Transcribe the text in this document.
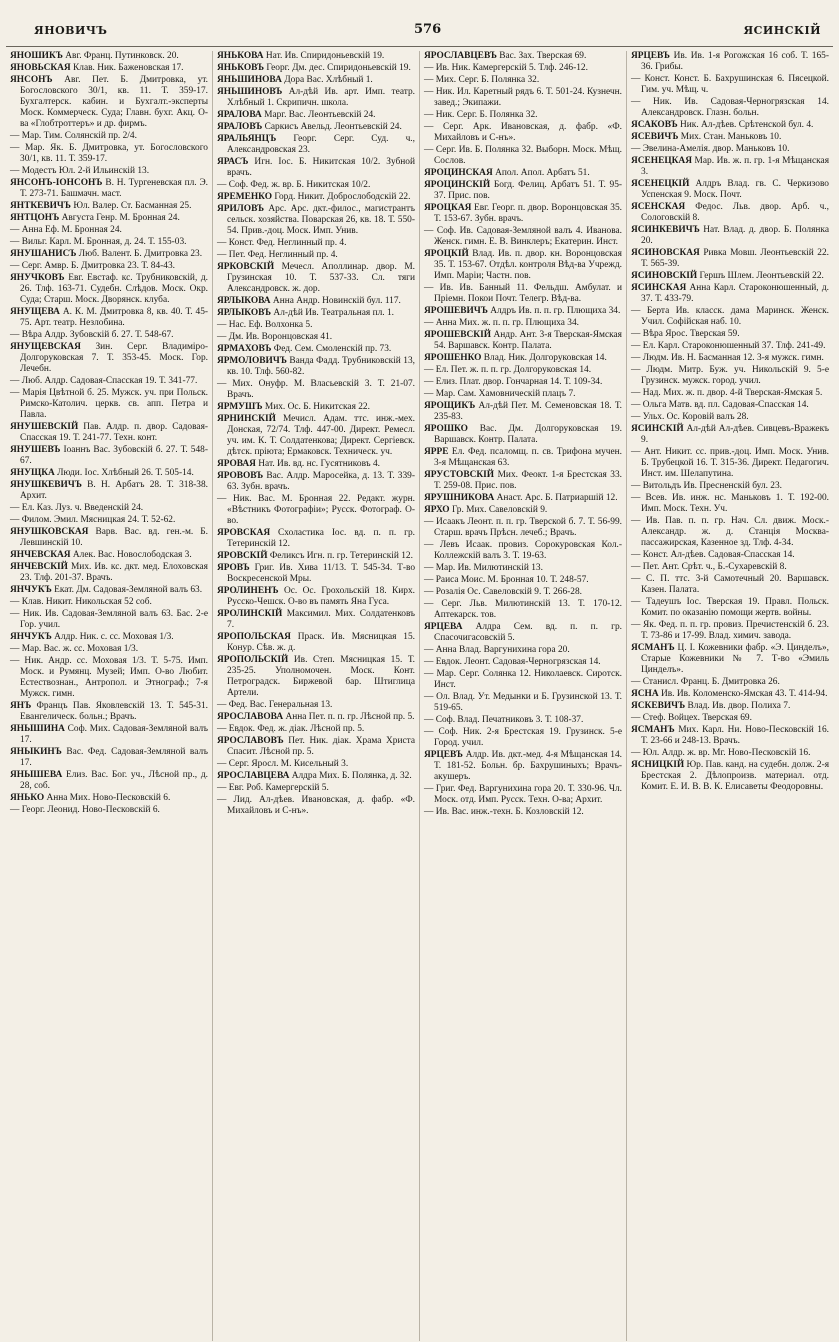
ЯНОВИЧЪ	576	ЯСИНСКIЙ
ЯНОШИКЪ Авг. Франц. Путинковск. 20.
ЯНОВЬСКАЯ Клав. Ник. Баженовская 17.
ЯНСОНЪ Авг. Пет. Б. Дмитровка, ут. Богословского 30/1, кв. 11. Т. 359-17. Бухгалтерск. кабин. и Бухгалт.-эксперты Моск. Коммерческ. Суда; Главн. бухг. Акц. О-ва «Глобтроттеръ» и др. фирмъ.
— Мар. Тим. Солянскiй пр. 2/4.
— Мар. Як. Б. Дмитровка, ут. Богословского 30/1, кв. 11. Т. 359-17.
— Модестъ Юл. 2-й Ильинскiй 13.
ЯНСОНЪ-IОНСОНЪ В. Н. Тургеневская пл. Э. Т. 273-71. Башмачн. маст.
ЯНТКЕВИЧЪ Юл. Валер. Ст. Басманная 25.
ЯНТЦОНЪ Августа Генр. М. Бронная 24.
— Анна Еф. М. Бронная 24.
— Вильг. Карл. М. Бронная, д. 24. Т. 155-03.
ЯНУШАНИСЪ Люб. Валент. Б. Дмитровка 23.
— Серг. Амвр. Б. Дмитровка 23. Т. 84-43.
ЯНУЧКОВЪ Евг. Евстаф. кс. Трубниковскiй, д. 26. Тлф. 163-71. Судебн. Слѣдов. Моск. Окр. Суда; Старш. Моск. Дворянск. клуба.
ЯНУЩЕВА А. К. М. Дмитровка 8, кв. 40. Т. 45-75. Арт. театр. Незлобина.
— Вѣра Алдр. Зубовскiй б. 27. Т. 548-67.
ЯНУЩЕВСКАЯ Зин. Серг. Владимiро-Долгоруковская 7. Т. 353-45. Моск. Гор. Лечебн.
— Люб. Алдр. Садовая-Спасская 19. Т. 341-77.
— Марiя Цвѣтной б. 25. Мужск. уч. при Польск. Римско-Католич. церкв. св. апп. Петра и Павла.
ЯНУШЕВСКIЙ Пав. Алдр. п. двор. Садовая-Спасская 19. Т. 241-77. Техн. конт.
ЯНУШЕВЪ Iоаннъ Вас. Зубовскiй б. 27. Т. 548-67.
ЯНУЩКА Люди. Iос. Хлѣбный 26. Т. 505-14.
ЯНУШКЕВИЧЪ В. Н. Арбатъ 28. Т. 318-38. Архит.
— Ел. Каз. Луз. ч. Введенскiй 24.
— Филом. Эмил. Мясницкая 24. Т. 52-62.
ЯНУШКОВСКАЯ Варв. Вас. вд. ген.-м. Б. Левшинскiй 10.
ЯНЧЕВСКАЯ Алек. Вас. Новослободская 3.
ЯНЧЕВСКIЙ Мих. Ив. кс. дкт. мед. Елоховская 23. Тлф. 201-37. Врачъ.
ЯНЧУКЪ Екат. Дм. Садовая-Земляной валъ 63.
— Клав. Никит. Никольская 52 соб.
— Ник. Ив. Садовая-Земляной валъ 63. Бас. 2-е Гор. учил.
ЯНЧУКЪ Алдр. Ник. с. сс. Моховая 1/3.
— Мар. Вас. ж. сс. Моховая 1/3.
— Ник. Андр. сс. Моховая 1/3. Т. 5-75. Имп. Моск. и Румянц. Музей; Имп. О-во Любит. Естествознан., Антропол. и Этнограф.; 7-я Мужск. гимн.
ЯНЪ Францъ Пав. Яковлевскiй 13. Т. 545-31. Евангелическ. больн.; Врачъ.
ЯНЫШИНА Соф. Мих. Садовая-Земляной валъ 17.
ЯНЫКИНЪ Вас. Фед. Садовая-Земляной валъ 17.
ЯНЫШЕВА Елиз. Вас. Бог. уч., Лѣсной пр., д. 28, соб.
ЯНЬКО Анна Мих. Ново-Песковскiй 6.
— Георг. Леонид. Ново-Песковскiй 6.
ЯНЬКОВА Нат. Ив. Спиридоньевскiй 19.
ЯНЬКОВЪ Георг. Дм. дес. Спиридоньевскiй 19.
ЯНЬШИНОВА Дора Вас. Хлѣбный 1.
ЯНЬШИНОВЪ Ал-дѣй Ив. арт. Имп. театр. Хлѣбный 1. Скрипичн. школа.
ЯРАЛОВА Марг. Вас. Леонтьевскiй 24.
ЯРАЛОВЪ Саркисъ Авельд. Леонтьевскiй 24.
ЯРАЛЬЯНЦЪ Георг. Серг. Суд. ч., Александровская 23.
ЯРАСЪ Игн. Iос. Б. Никитская 10/2. Зубной врачъ.
— Соф. Фед. ж. вр. Б. Никитская 10/2.
ЯРЕМЕНКО Горд. Никит. Доброслободскiй 22.
ЯРИЛОВЪ Арс. Арс. дкт.-филос., магистрантъ сельск. хозяйства. Поварская 26, кв. 18. Т. 550-54. Прив.-доц. Моск. Имп. Унив.
— Конст. Фед. Неглинный пр. 4.
— Пет. Фед. Неглинный пр. 4.
ЯРКОВСКIЙ Мечесл. Аполлинар. двор. М. Грузинская 10. Т. 537-33. Сл. тяги Александровск. ж. дор.
ЯРЛЫКОВА Анна Андр. Новинскiй бул. 117.
ЯРЛЫКОВЪ Ал-дѣй Ив. Театральная пл. 1.
— Нас. Еф. Волхонка 5.
— Дм. Ив. Воронцовская 41.
ЯРМАХОВЪ Фед. Сем. Смоленскiй пр. 73.
ЯРМОЛОВИЧЪ Ванда Фадд. Трубниковскiй 13, кв. 10. Тлф. 560-82.
— Мих. Онуфр. М. Власьевскiй 3. Т. 21-07. Врачъ.
ЯРМУШЪ Мих. Ос. Б. Никитская 22.
ЯРНИНСКIЙ Мечисл. Адам. ттс. инж.-мех. Донская, 72/74. Тлф. 447-00. Директ. Ремесл. уч. им. К. Т. Солдатенкова; Директ. Сергiевск. дѣтск. прiюта; Ермаковск. Техническ. уч.
ЯРОВАЯ Нат. Ив. вд. нс. Гусятниковъ 4.
ЯРОВОВЪ Вас. Алдр. Маросейка, д. 13. Т. 339-63. Зубн. врачъ.
— Ник. Вас. М. Бронная 22. Редакт. журн. «Вѣстникъ Фотографiи»; Русск. Фотограф. О-во.
ЯРОВСКАЯ Схоластика Iос. вд. п. п. гр. Тетеринскiй 12.
ЯРОВСКIЙ Феликсъ Игн. п. гр. Тетеринскiй 12.
ЯРОВЪ Григ. Ив. Хива 11/13. Т. 545-34. Т-во Воскресенской Мры.
ЯРОЛИНЕНЪ Ос. Ос. Грохольскiй 18. Кирх. Русско-Чешск. О-во въ память Яна Гуса.
ЯРОЛИНСКIЙ Максимил. Мих. Солдатенковъ 7.
ЯРОПОЛЬСКАЯ Праск. Ив. Мясницкая 15. Конур. Сѣв. ж. д.
ЯРОПОЛЬСКIЙ Ив. Степ. Мясницкая 15. Т. 235-25. Уполномочен. Моск. Конт. Петроградск. Биржевой бар. Штиглица Артели.
— Фед. Вас. Генеральная 13.
ЯРОСЛАВОВА Анна Пет. п. п. гр. Лѣсной пр. 5.
— Евдок. Фед. ж. дiак. Лѣсной пр. 5.
ЯРОСЛАВОВЪ Пет. Ник. дiак. Храма Христа Спасит. Лѣсной пр. 5.
— Серг. Яросл. М. Кисельный 3.
ЯРОСЛАВЦЕВА Алдра Мих. Б. Полянка, д. 32.
— Евг. Роб. Камергерскiй 5.
— Лид. Ал-дѣев. Ивановская, д. фабр. «Ф. Михайловъ и С-нъ».
ЯРОСЛАВЦЕВЪ Вас. Зах. Тверская 69.
— Ив. Ник. Камергерскiй 5. Тлф. 246-12.
— Мих. Серг. Б. Полянка 32.
— Ник. Ил. Каретный рядъ 6. Т. 501-24. Кузнечн. завед.; Экипажи.
— Ник. Серг. Б. Полянка 32.
— Серг. Арк. Ивановская, д. фабр. «Ф. Михайловъ и С-нъ».
— Серг. Ив. Б. Полянка 32. Выборн. Моск. Мѣщ. Сослов.
ЯРОЦИНСКАЯ Апол. Апол. Арбатъ 51.
ЯРОЦИНСКIЙ Богд. Фелиц. Арбатъ 51. Т. 95-37. Прис. пов.
ЯРОЦКАЯ Евг. Георг. п. двор. Воронцовская 35. Т. 153-67. Зубн. врачъ.
— Соф. Ив. Садовая-Земляной валъ 4. Иванова. Женск. гимн. Е. В. Винклеръ; Екатерин. Инст.
ЯРОЦКIЙ Влад. Ив. п. двор. кн. Воронцовская 35. Т. 153-67. Отдѣл. контроля Вѣд-ва Учрежд. Имп. Марiи; Частн. пов.
— Ив. Ив. Банный 11. Фельдш. Амбулат. и Прiемн. Покои Почт. Телегр. Вѣд-ва.
ЯРОШЕВИЧЪ Алдръ Ив. п. п. гр. Плющиха 34.
— Анна Мих. ж. п. п. гр. Плющиха 34.
ЯРОШЕВСКIЙ Андр. Ант. 3-я Тверская-Ямская 54. Варшавск. Контр. Палата.
ЯРОШЕНКО Влад. Ник. Долгоруковская 14.
— Ел. Пет. ж. п. п. гр. Долгоруковская 14.
— Елиз. Плат. двор. Гончарная 14. Т. 109-34.
— Мар. Сам. Хамовническiй плацъ 7.
ЯРОЩИКЪ Ал-дѣй Пет. М. Семеновская 18. Т. 235-83.
ЯРОШКО Вас. Дм. Долгоруковская 19. Варшавск. Контр. Палата.
ЯРРЕ Ел. Фед. псаломщ. п. св. Трифона мучен. 3-я Мѣщанская 63.
ЯРУСТОВСКIЙ Мих. Феокт. 1-я Брестская 33. Т. 259-08. Прис. пов.
ЯРУШНИКОВА Анаст. Арс. Б. Патриаршiй 12.
ЯРХО Гр. Мих. Савеловскiй 9.
— Исаакъ Леонт. п. п. гр. Тверской б. 7. Т. 56-99. Старш. врачъ Прѣсн. лечеб.; Врачъ.
— Левъ Исаак. провиз. Сорокуровская Кол.-Коллежскiй валъ 3. Т. 19-63.
— Мар. Ив. Милютинскiй 13.
— Раиса Моис. М. Бронная 10. Т. 248-57.
— Розалiя Ос. Савеловскiй 9. Т. 266-28.
— Серг. Льв. Милютинскiй 13. Т. 170-12. Аптекарск. тов.
ЯРЦЕВА Алдра Сем. вд. п. п. гр. Спасочигасовскiй 5.
— Анна Влад. Варгунихина гора 20.
— Евдок. Леонт. Садовая-Черногрязская 14.
— Мар. Серг. Солянка 12. Николаевск. Сиротск. Инст.
— Ол. Влад. Ут. Медынки и Б. Грузинской 13. Т. 519-65.
— Соф. Влад. Печатниковъ 3. Т. 108-37.
— Соф. Ник. 2-я Брестская 19. Грузинск. 5-е Город. учил.
ЯРЦЕВЪ Алдр. Ив. дкт.-мед. 4-я Мѣщанская 14. Т. 181-52. Больн. бр. Бахрушиныхъ; Врачъ-акушеръ.
— Григ. Фед. Варгунихина гора 20. Т. 330-96. Чл. Моск. отд. Имп. Русск. Техн. О-ва; Архит.
— Ив. Вас. инж.-техн. Б. Козловскiй 12.
ЯРЦЕВЪ Ив. Ив. 1-я Рогожская 16 соб. Т. 165-36. Грибы.
— Конст. Конст. Б. Бахрушинская 6. Пясецкой. Гим. уч. Мѣщ. ч.
— Ник. Ив. Садовая-Черногрязская 14. Александровск. Глазн. больн.
ЯСАКОВЪ Ник. Ал-дѣев. Срѣтенской бул. 4.
ЯСЕВИЧЪ Мих. Стан. Маньковъ 10.
— Эвелина-Амелiя. двор. Маньковъ 10.
ЯСЕНЕЦКАЯ Мар. Ив. ж. п. гр. 1-я Мѣщанская 3.
ЯСЕНЕЦКIЙ Алдръ Влад. гв. С. Черкизово Успенская 9. Моск. Почт.
ЯСЕНСКАЯ Федос. Льв. двор. Арб. ч., Сологовскiй 8.
ЯСИНКЕВИЧЪ Нат. Влад. д. двор. Б. Полянка 20.
ЯСИНОВСКАЯ Ривка Мовш. Леонтьевскiй 22. Т. 565-39.
ЯСИНОВСКIЙ Гершъ Шлем. Леонтьевскiй 22.
ЯСИНСКАЯ Анна Карл. Староконюшенный, д. 37. Т. 433-79.
— Берта Ив. класск. дама Маринск. Женск. Учил. Софiйская наб. 10.
— Вѣра Ярос. Тверская 59.
— Ел. Карл. Староконюшенный 37. Тлф. 241-49.
— Людм. Ив. Н. Басманная 12. 3-я мужск. гимн.
— Людм. Митр. Буж. уч. Никольскiй 9. 5-е Грузинск. мужск. город. учил.
— Над. Мих. ж. п. двор. 4-й Тверская-Ямская 5.
— Ольга Матв. вд. пл. Садовая-Спасская 14.
— Ульх. Ос. Коровiй валъ 28.
ЯСИНСКIЙ Ал-дѣй Ал-дѣев. Сивцевъ-Вражекъ 9.
— Ант. Никит. сс. прив.-доц. Имп. Моск. Унив. Б. Трубецкой 16. Т. 315-36. Директ. Педагогич. Инст. им. Шелапутина.
— Витольдъ Ив. Пресненскiй бул. 23.
— Всев. Ив. инж. нс. Маньковъ 1. Т. 192-00. Имп. Моск. Техн. Уч.
— Ив. Пав. п. п. гр. Нач. Сл. движ. Моск.-Александр. ж. д. Станцiя Москва-пассажирская, Казенное зд. Тлф. 4-34.
— Конст. Ал-дѣев. Садовая-Спасская 14.
— Пет. Ант. Срѣт. ч., Б.-Сухаревскiй 8.
— С. П. ттс. 3-й Самотечный 20. Варшавск. Казен. Палата.
— Тадеушъ Iос. Тверская 19. Правл. Польск. Комит. по оказанiю помощи жертв. войны.
— Як. Фед. п. п. гр. провиз. Пречистенскiй б. 23. Т. 73-86 и 17-99. Влад. химич. завода.
ЯСМАНЪ Ц. I. Кожевники фабр. «Э. Цинделъ», Старые Кожевники № 7. Т-во «Эмиль Цинделъ».
— Станисл. Франц. Б. Дмитровка 26.
ЯСНА Ив. Ив. Коломенско-Ямская 43. Т. 414-94.
ЯСКЕВИЧЪ Влад. Ив. двор. Полиха 7.
— Стеф. Войцех. Тверская 69.
ЯСМАНЪ Мих. Карл. Ни. Ново-Песковскiй 16. Т. 23-66 и 248-13. Врачъ.
— Юл. Алдр. ж. вр. Мг. Ново-Песковскiй 16.
ЯСНИЦКIЙ Юр. Пав. канд. на судебн. долж. 2-я Брестская 2. Дѣлопроизв. материал. отд. Комит. Е. И. В. В. К. Елисаветы Феодоровны.
